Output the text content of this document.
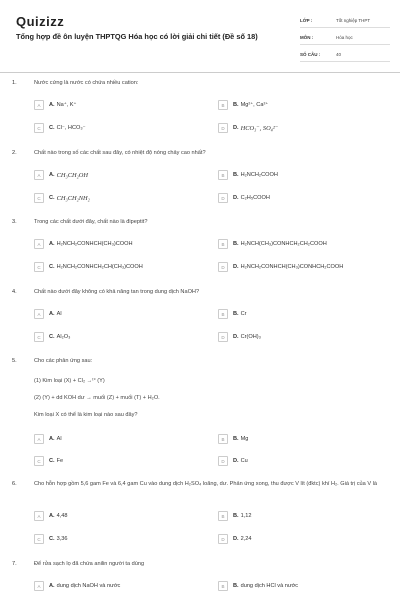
Quizizz
Tổng hợp đề ôn luyện THPTQG Hóa học có lời giải chi tiết (Đề số 18)
LỚP :	Tốt nghiệp THPT
MÔN :	Hóa học
SỐ CÂU :	40
1.	Nước cứng là nước có chứa nhiều cation:
A	A. Na⁺, K⁺	B	B. Mg²⁺, Ca²⁺
C	C. Cl⁻, HCO₃⁻	D	D. HCO₃⁻, SO₄²⁻
2.	Chất nào trong số các chất sau đây, có nhiệt độ nóng chảy cao nhất?
A	A. CH₃CH₂OH	B	B. H₂NCH₂COOH
C	C. CH₃CH₂NH₂	D	D. C₂H₅COOH
3.	Trong các chất dưới đây, chất nào là đipeptit?
A	A. H₂NCH₂CONHCH(CH₃)COOH	B	B. H₂NCH(CH₃)CONHCH₂CH₂COOH
C	C. H₂NCH₂CONHCH₂CH(CH₃)COOH	D	D. H₂NCH₂CONHCH(CH₃)CONHCH₂COOH
4.	Chất nào dưới đây không có khả năng tan trong dung dịch NaOH?
A	A. Al	B	B. Cr
C	C. Al₂O₃	D	D. Cr(OH)₃
5.	Cho các phản ứng sau:
(1) Kim loại (X) + Cl₂ →ᵗ° (Y)
(2) (Y) + dd KOH dư → muối (Z) + muối (T) + H₂O.
Kim loại X có thể là kim loại nào sau đây?
A	A. Al	B	B. Mg
C	C. Fe	D	D. Cu
6.	Cho hỗn hợp gồm 5,6 gam Fe và 6,4 gam Cu vào dung dịch H₂SO₄ loãng, dư. Phản ứng xong, thu được V lít (đktc) khí H₂. Giá trị của V là
A	A. 4,48	B	B. 1,12
C	C. 3,36	D	D. 2,24
7.	Để rửa sạch lọ đã chứa anilin người ta dùng
A	A. dung dịch NaOH và nước	B	B. dung dịch HCl và nước
